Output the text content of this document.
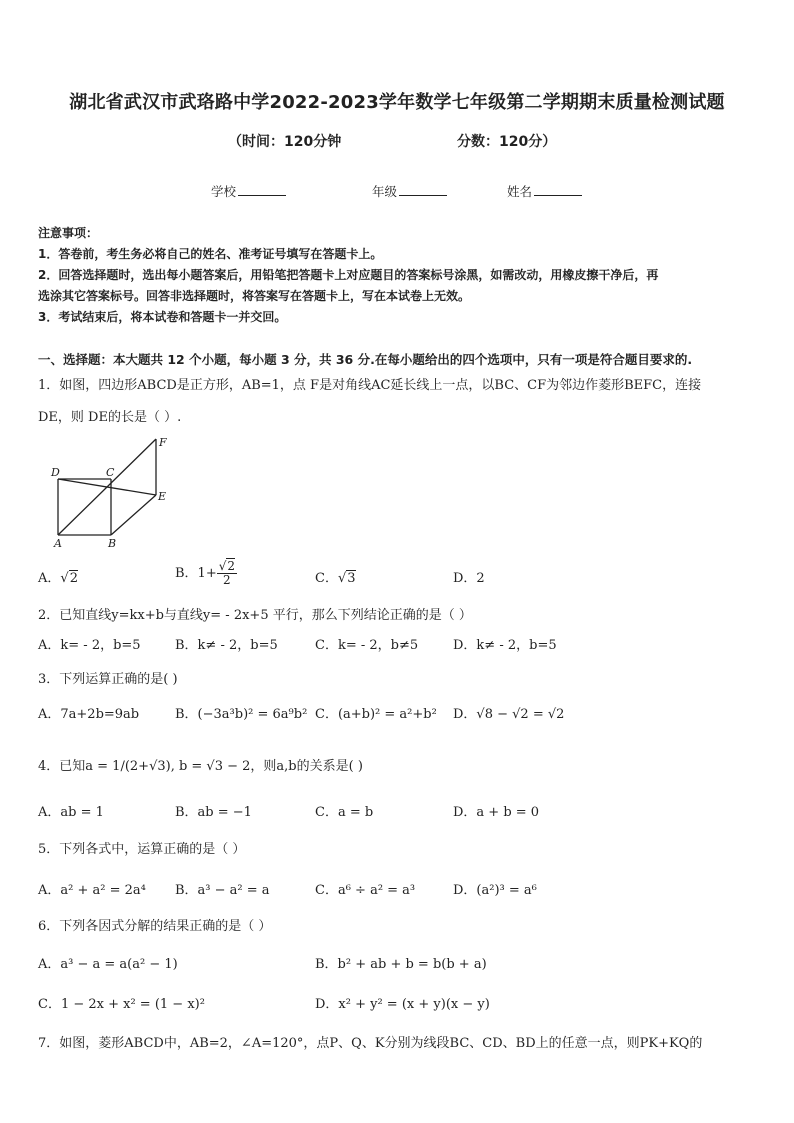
湖北省武汉市武珞路中学2022-2023学年数学七年级第二学期期末质量检测试题
（时间：120分钟	分数：120分）
学校	年级	姓名
注意事项：
1．答卷前，考生务必将自己的姓名、准考证号填写在答题卡上。
2．回答选择题时，选出每小题答案后，用铅笔把答题卡上对应题目的答案标号涂黑，如需改动，用橡皮擦干净后，再
选涂其它答案标号。回答非选择题时，将答案写在答题卡上，写在本试卷上无效。
3．考试结束后，将本试卷和答题卡一并交回。
一、选择题：本大题共 12 个小题，每小题 3 分，共 36 分.在每小题给出的四个选项中，只有一项是符合题目要求的.
1．如图，四边形ABCD是正方形，AB=1，点 F是对角线AC延长线上一点，以BC、CF为邻边作菱形BEFC，连接
DE，则 DE的长是（ ）.
F
D	C
E
A	B
A．√2	B．$1+ \frac{√2}{2}$	C．√3	D．2
2．已知直线y=kx+b与直线y= - 2x+5 平行，那么下列结论正确的是（ ）
A．k= - 2，b=5	B．k≠ - 2，b=5	C．k= - 2，b≠5	D．k≠ - 2，b=5
3．下列运算正确的是( )
A．7a+2b=9ab	B．(−3a³b)² = 6a⁹b² C．(a+b)² = a²+b² D．√8 − √2 = √2
4．已知a = 1/(2+√3), b = √3 − 2，则a,b的关系是( )
A．ab = 1	B．ab = −1	C．a = b	D．a + b = 0
5．下列各式中，运算正确的是（ ）
A．a² + a² = 2a⁴ B．a³ − a² = a	C．a⁶ ÷ a² = a³	D．(a²)³ = a⁶
6．下列各因式分解的结果正确的是（ ）
A．a³ − a = a(a² − 1)	B．b² + ab + b = b(b + a)
C．1 − 2x + x² = (1 − x)²	D．x² + y² = (x + y)(x − y)
7．如图，菱形ABCD中，AB=2，∠A=120°，点P、Q、K分别为线段BC、CD、BD上的任意一点，则PK+KQ的
